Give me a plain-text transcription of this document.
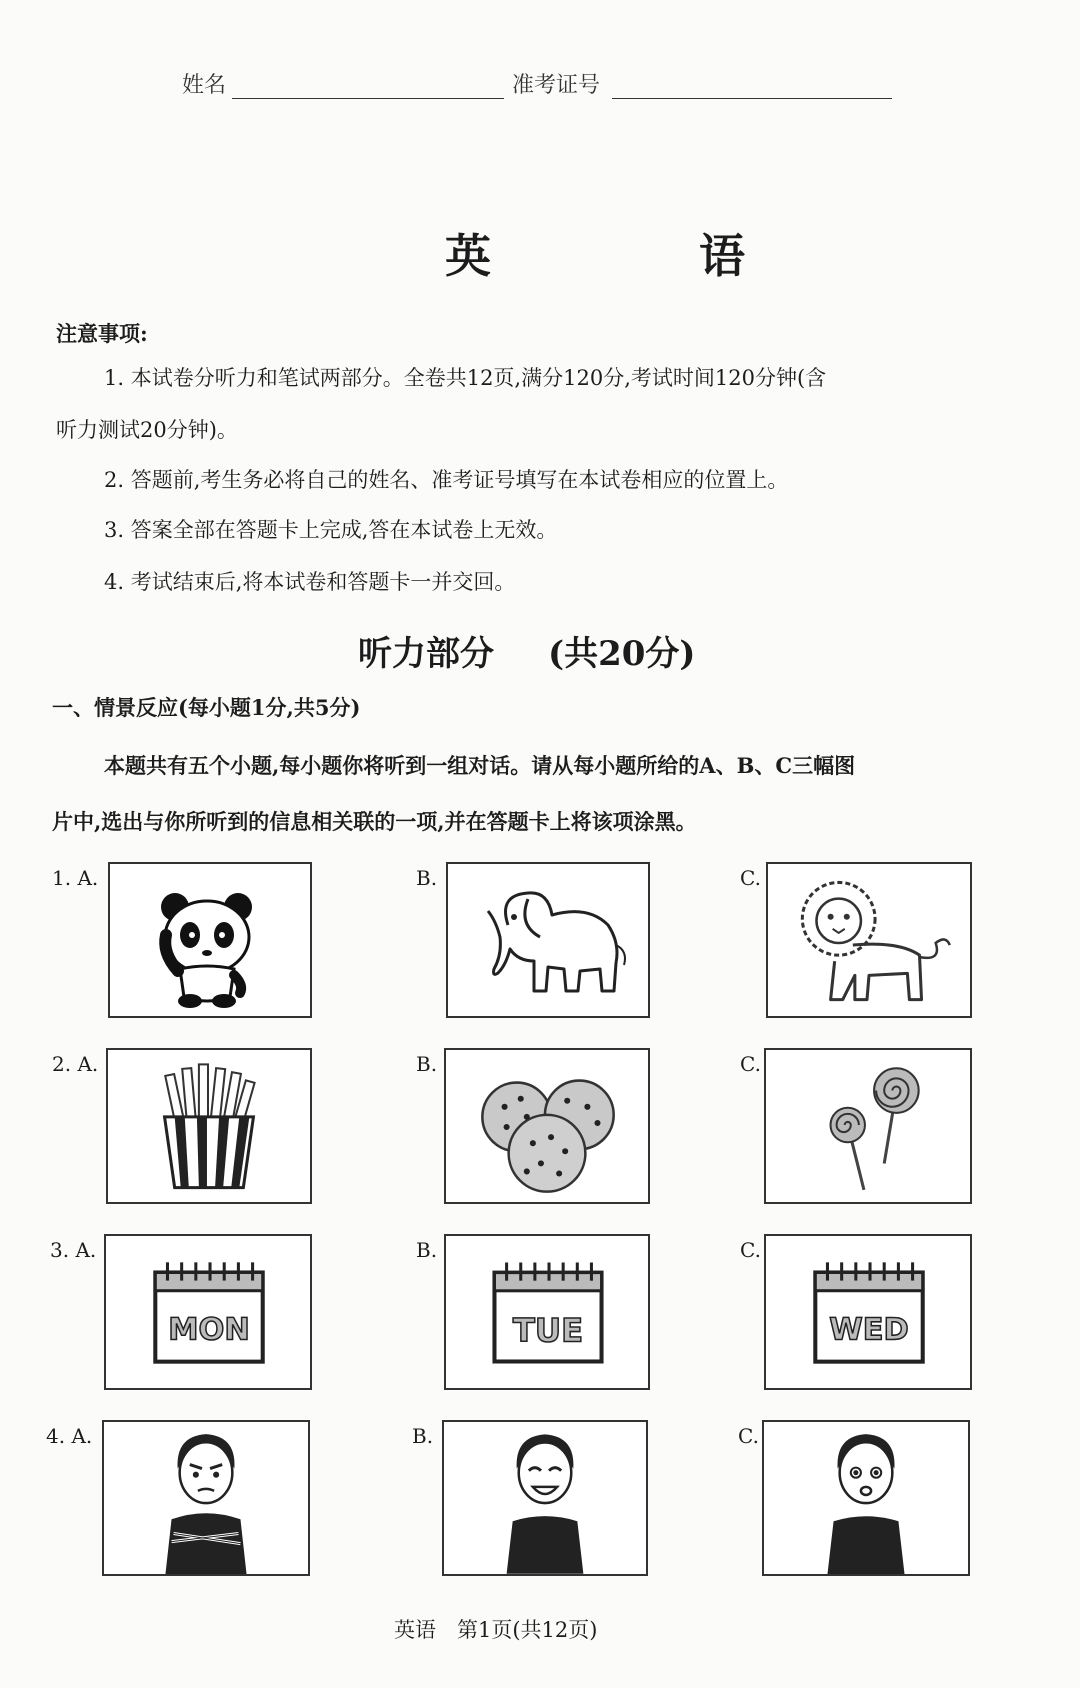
姓名	准考证号
英 语
注意事项:
1. 本试卷分听力和笔试两部分。全卷共12页,满分120分,考试时间120分钟(含
听力测试20分钟)。
2. 答题前,考生务必将自己的姓名、准考证号填写在本试卷相应的位置上。
3. 答案全部在答题卡上完成,答在本试卷上无效。
4. 考试结束后,将本试卷和答题卡一并交回。
听力部分 (共20分)
一、情景反应(每小题1分,共5分)
本题共有五个小题,每小题你将听到一组对话。请从每小题所给的A、B、C三幅图
片中,选出与你所听到的信息相关联的一项,并在答题卡上将该项涂黑。
1. A.	B.	C.
2. A.	B.	C.
3. A.	B.	C.
MON	TUE	WED
4. A.	B.	C.
英语　第1页(共12页)
